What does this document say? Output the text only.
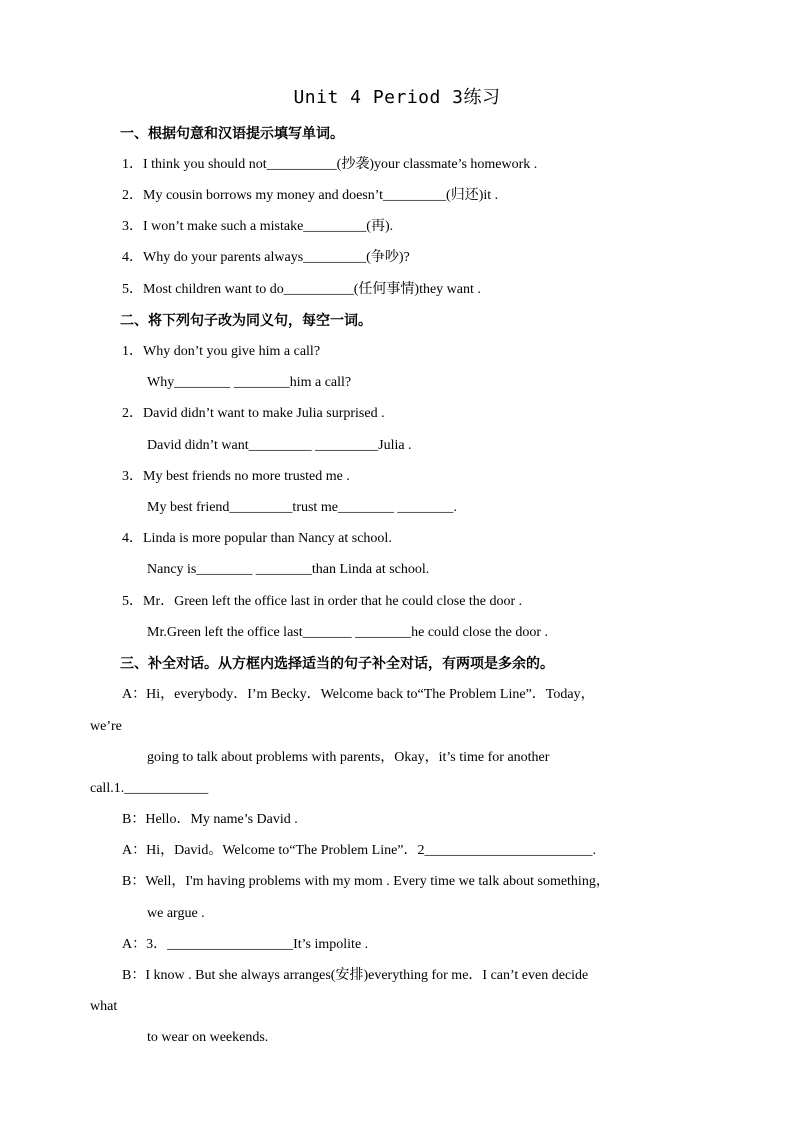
Unit 4 Period 3练习
一、根据句意和汉语提示填写单词。
1．I think you should not__________(抄袭)your classmate’s homework .
2．My cousin borrows my money and doesn’t_________(归还)it .
3．I won’t make such a mistake_________(再).
4．Why do your parents always_________(争吵)?
5．Most children want to do__________(任何事情)they want .
二、将下列句子改为同义句，每空一词。
1．Why don’t you give him a call?
Why________ ________him a call?
2．David didn’t want to make Julia surprised .
David didn’t want_________ _________Julia .
3．My best friends no more trusted me .
My best friend_________trust me________ ________.
4．Linda is more popular than Nancy at school.
Nancy is________ ________than Linda at school.
5．Mr．Green left the office last in order that he could close the door .
Mr.Green left the office last_______ ________he could close the door .
三、补全对话。从方框内选择适当的句子补全对话，有两项是多余的。
A：Hi，everybody．I’m Becky．Welcome back to“The Problem Line”．Today，
we’re
going to talk about problems with parents，Okay，it’s time for another
call.1.____________
B：Hello．My name’s David .
A：Hi，David。Welcome to“The Problem Line”．2________________________.
B：Well，I'm having problems with my mom . Every time we talk about something，
we argue .
A：3．__________________It’s impolite .
B：I know . But she always arranges(安排)everything for me．I can’t even decide
what
to wear on weekends.
